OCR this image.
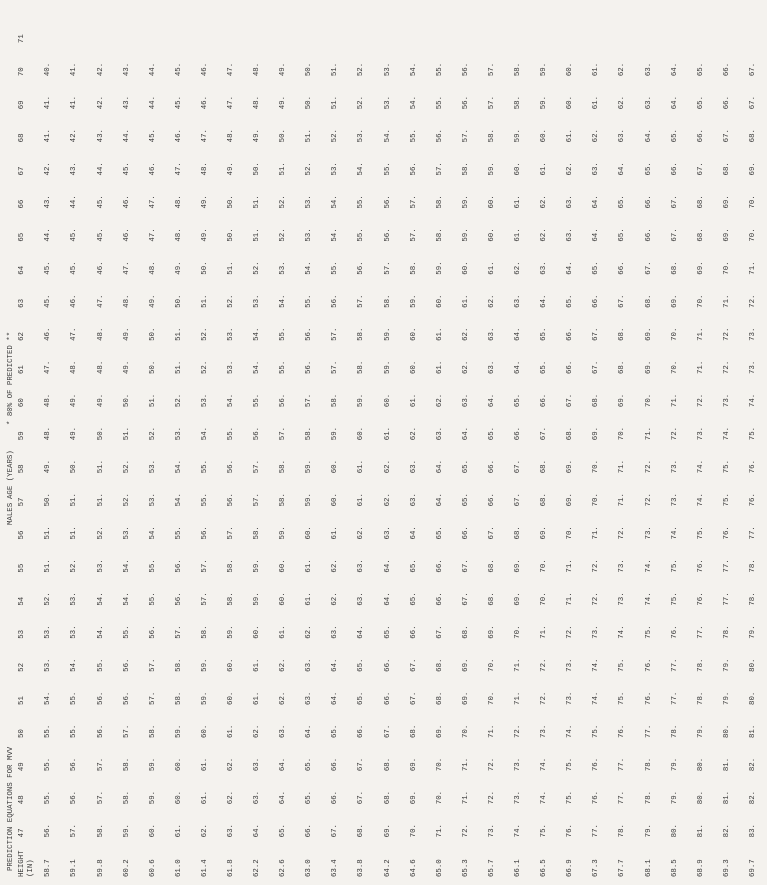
PREDICTION EQUATIONS FOR MVV

MALES

AGE (YEARS)

* 80% OF PREDICTED **

HEIGHT	47	48	49	50	51	52	53	54	55	56	57	58	59	60	61	62	63	64	65	66	67	68	69	70	71
(IN)																									
58.7	56.	55.	55.	55.	54.	53.	53.	52.	51.	51.	50.	49.	48.	48.	47.	46.	45.	45.	44.	43.	42.	41.	41.	40.	
59.1	57.	56.	56.	55.	55.	54.	53.	53.	52.	51.	51.	50.	49.	49.	48.	47.	46.	45.	45.	44.	43.	42.	41.	41.	
59.8	58.	57.	57.	56.	56.	55.	54.	54.	53.	52.	51.	51.	50.	49.	48.	48.	47.	46.	45.	45.	44.	43.	42.	42.	
60.2	59.	58.	58.	57.	56.	56.	55.	54.	54.	53.	52.	52.	51.	50.	49.	49.	48.	47.	46.	46.	45.	44.	43.	43.	
60.6	60.	59.	59.	58.	57.	57.	56.	55.	55.	54.	53.	53.	52.	51.	50.	50.	49.	48.	47.	47.	46.	45.	44.	44.	
61.0	61.	60.	60.	59.	58.	58.	57.	56.	56.	55.	54.	54.	53.	52.	51.	51.	50.	49.	48.	48.	47.	46.	45.	45.	
61.4	62.	61.	61.	60.	59.	59.	58.	57.	57.	56.	55.	55.	54.	53.	52.	52.	51.	50.	49.	49.	48.	47.	46.	46.	
61.8	63.	62.	62.	61.	60.	60.	59.	58.	58.	57.	56.	56.	55.	54.	53.	53.	52.	51.	50.	50.	49.	48.	47.	47.	
62.2	64.	63.	63.	62.	61.	61.	60.	59.	59.	58.	57.	57.	56.	55.	54.	54.	53.	52.	51.	51.	50.	49.	48.	48.	
62.6	65.	64.	64.	63.	62.	62.	61.	60.	60.	59.	58.	58.	57.	56.	55.	55.	54.	53.	52.	52.	51.	50.	49.	49.	
63.0	66.	65.	65.	64.	63.	63.	62.	61.	61.	60.	59.	59.	58.	57.	56.	56.	55.	54.	53.	53.	52.	51.	50.	50.	
63.4	67.	66.	66.	65.	64.	64.	63.	62.	62.	61.	60.	60.	59.	58.	57.	57.	56.	55.	54.	54.	53.	52.	51.	51.	
63.8	68.	67.	67.	66.	65.	65.	64.	63.	63.	62.	61.	61.	60.	59.	58.	58.	57.	56.	55.	55.	54.	53.	52.	52.	
64.2	69.	68.	68.	67.	66.	66.	65.	64.	64.	63.	62.	62.	61.	60.	59.	59.	58.	57.	56.	56.	55.	54.	53.	53.	
64.6	70.	69.	69.	68.	67.	67.	66.	65.	65.	64.	63.	63.	62.	61.	60.	60.	59.	58.	57.	57.	56.	55.	54.	54.	
65.0	71.	70.	70.	69.	68.	68.	67.	66.	66.	65.	64.	64.	63.	62.	61.	61.	60.	59.	58.	58.	57.	56.	55.	55.	
65.3	72.	71.	71.	70.	69.	69.	68.	67.	67.	66.	65.	65.	64.	63.	62.	62.	61.	60.	59.	59.	58.	57.	56.	56.	
65.7	73.	72.	72.	71.	70.	70.	69.	68.	68.	67.	66.	66.	65.	64.	63.	63.	62.	61.	60.	60.	59.	58.	57.	57.	
66.1	74.	73.	73.	72.	71.	71.	70.	69.	69.	68.	67.	67.	66.	65.	64.	64.	63.	62.	61.	61.	60.	59.	58.	58.	
66.5	75.	74.	74.	73.	72.	72.	71.	70.	70.	69.	68.	68.	67.	66.	65.	65.	64.	63.	62.	62.	61.	60.	59.	59.	
66.9	76.	75.	75.	74.	73.	73.	72.	71.	71.	70.	69.	69.	68.	67.	66.	66.	65.	64.	63.	63.	62.	61.	60.	60.	
67.3	77.	76.	76.	75.	74.	74.	73.	72.	72.	71.	70.	70.	69.	68.	67.	67.	66.	65.	64.	64.	63.	62.	61.	61.	
67.7	78.	77.	77.	76.	75.	75.	74.	73.	73.	72.	71.	71.	70.	69.	68.	68.	67.	66.	65.	65.	64.	63.	62.	62.	
68.1	79.	78.	78.	77.	76.	76.	75.	74.	74.	73.	72.	72.	71.	70.	69.	69.	68.	67.	66.	66.	65.	64.	63.	63.	
68.5	80.	79.	79.	78.	77.	77.	76.	75.	75.	74.	73.	73.	72.	71.	70.	70.	69.	68.	67.	67.	66.	65.	64.	64.	
68.9	81.	80.	80.	79.	78.	78.	77.	76.	76.	75.	74.	74.	73.	72.	71.	71.	70.	69.	68.	68.	67.	66.	65.	65.	
69.3	82.	81.	81.	80.	79.	79.	78.	77.	77.	76.	75.	75.	74.	73.	72.	72.	71.	70.	69.	69.	68.	67.	66.	66.	
69.7	83.	82.	82.	81.	80.	80.	79.	78.	78.	77.	76.	76.	75.	74.	73.	73.	72.	71.	70.	70.	69.	68.	67.	67.	
